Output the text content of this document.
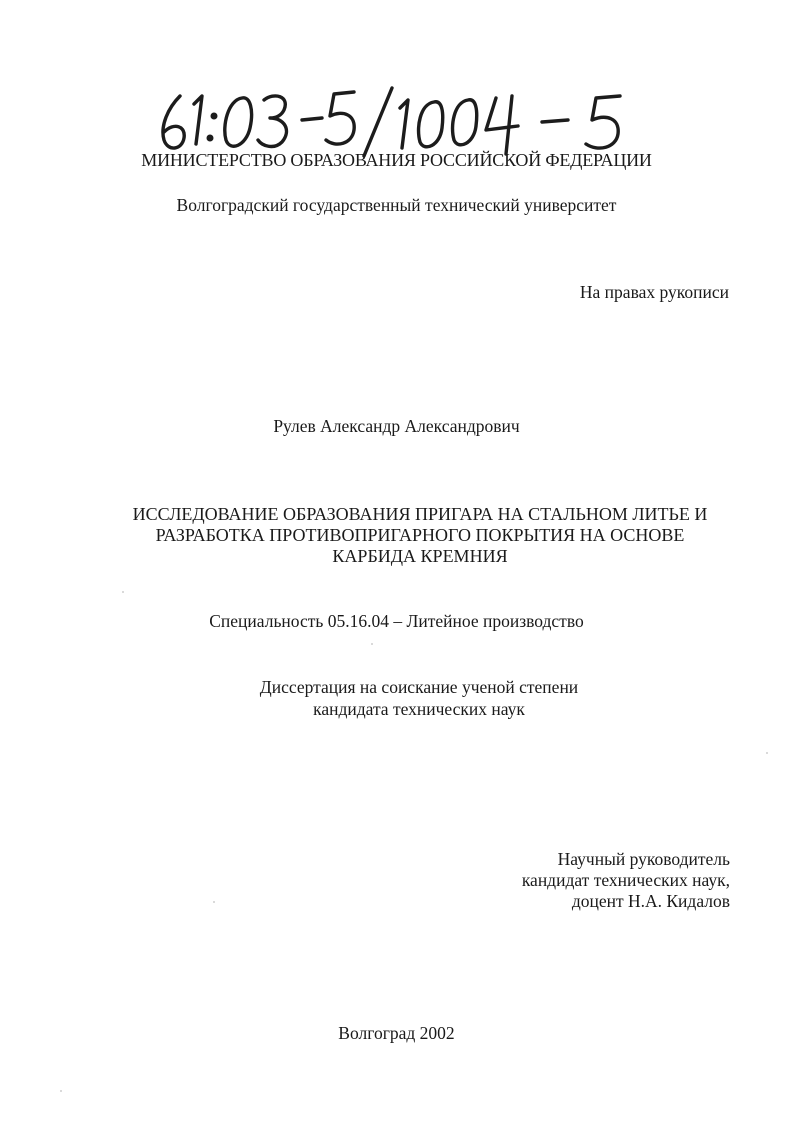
МИНИСТЕРСТВО ОБРАЗОВАНИЯ РОССИЙСКОЙ ФЕДЕРАЦИИ
Волгоградский государственный технический университет
На правах рукописи
Рулев Александр Александрович
ИССЛЕДОВАНИЕ ОБРАЗОВАНИЯ ПРИГАРА НА СТАЛЬНОМ ЛИТЬЕ И
РАЗРАБОТКА ПРОТИВОПРИГАРНОГО ПОКРЫТИЯ НА ОСНОВЕ
КАРБИДА КРЕМНИЯ
Специальность 05.16.04 – Литейное производство
Диссертация на соискание ученой степени
кандидата технических наук
Научный руководитель
кандидат технических наук,
доцент Н.А. Кидалов
Волгоград 2002
